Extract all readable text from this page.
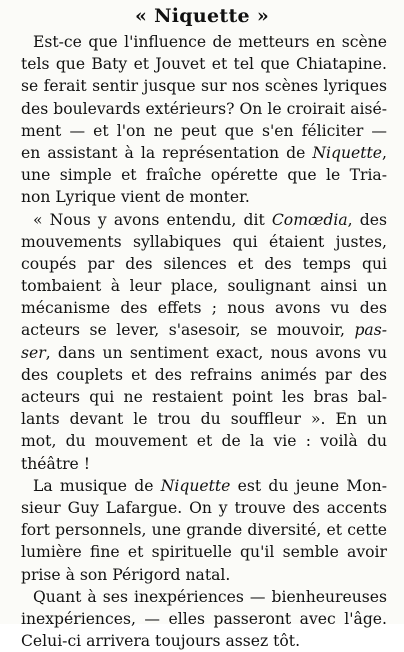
« Niquette »
Est-ce que l'influence de metteurs en scène
tels que Baty et Jouvet et tel que Chiatapine.
se ferait sentir jusque sur nos scènes lyriques
des boulevards extérieurs? On le croirait aisé-
ment — et l'on ne peut que s'en féliciter —
en assistant à la représentation de Niquette,
une simple et fraîche opérette que le Tria-
non Lyrique vient de monter.
« Nous y avons entendu, dit Comœdia, des
mouvements syllabiques qui étaient justes,
coupés par des silences et des temps qui
tombaient à leur place, soulignant ainsi un
mécanisme des effets ; nous avons vu des
acteurs se lever, s'asesoir, se mouvoir, pas-
ser, dans un sentiment exact, nous avons vu
des couplets et des refrains animés par des
acteurs qui ne restaient point les bras bal-
lants devant le trou du souffleur ». En un
mot, du mouvement et de la vie : voilà du
théâtre !
La musique de Niquette est du jeune Mon-
sieur Guy Lafargue. On y trouve des accents
fort personnels, une grande diversité, et cette
lumière fine et spirituelle qu'il semble avoir
prise à son Périgord natal.
Quant à ses inexpériences — bienheureuses
inexpériences, — elles passeront avec l'âge.
Celui-ci arrivera toujours assez tôt.
